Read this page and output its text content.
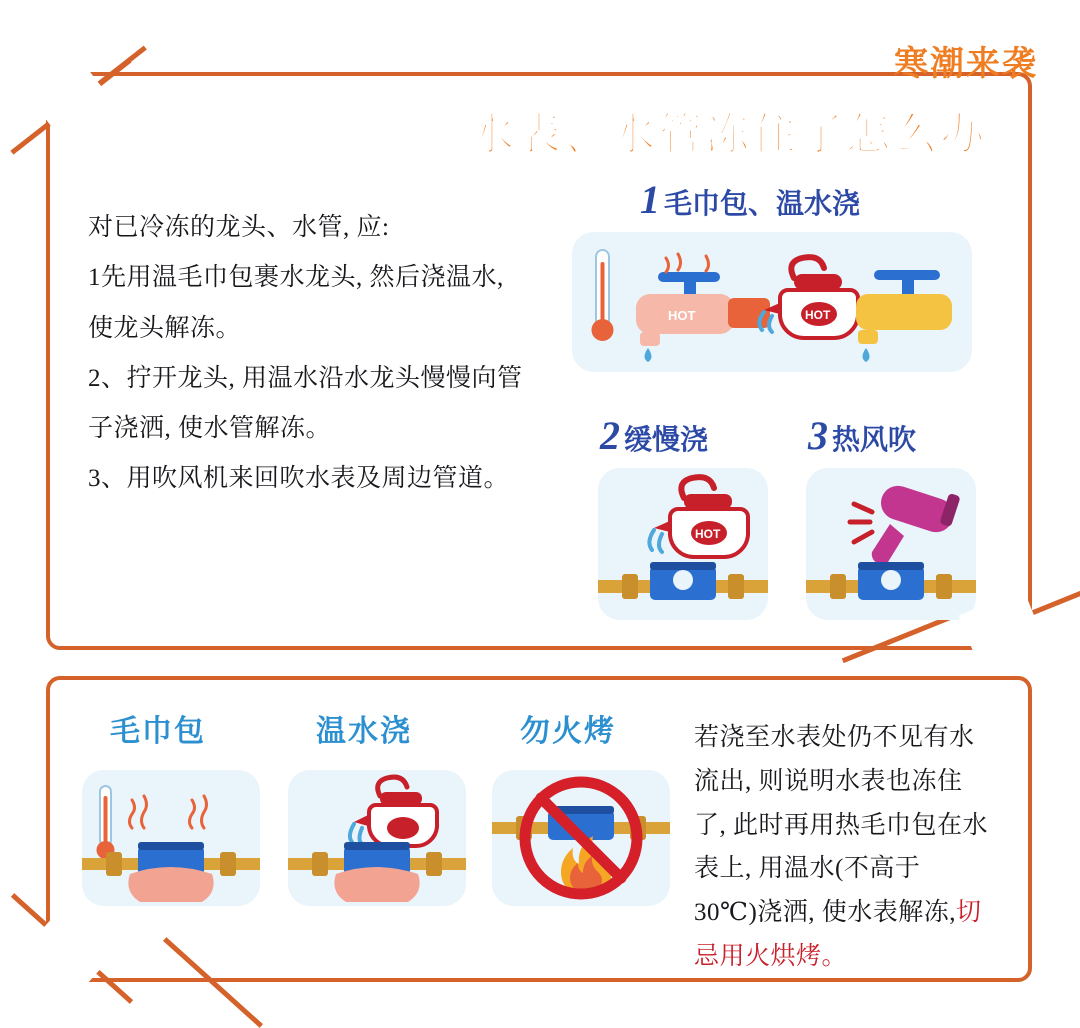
寒潮来袭
水表、水管冻住了怎么办

对已冷冻的龙头、水管, 应:

1先用温毛巾包裹水龙头, 然后浇温水,

使龙头解冻。

2、拧开龙头, 用温水沿水龙头慢慢向管

子浇洒, 使水管解冻。

3、用吹风机来回吹水表及周边管道。

1 毛巾包、温水浇
HOT	HOT
2 缓慢浇
HOT
3 热风吹
毛巾包	温水浇	勿火烤	若浇至水表处仍不见有水
流出, 则说明水表也冻住
了, 此时再用热毛巾包在水
表上, 用温水(不高于
30℃)浇洒, 使水表解冻,切
忌用火烘烤。
